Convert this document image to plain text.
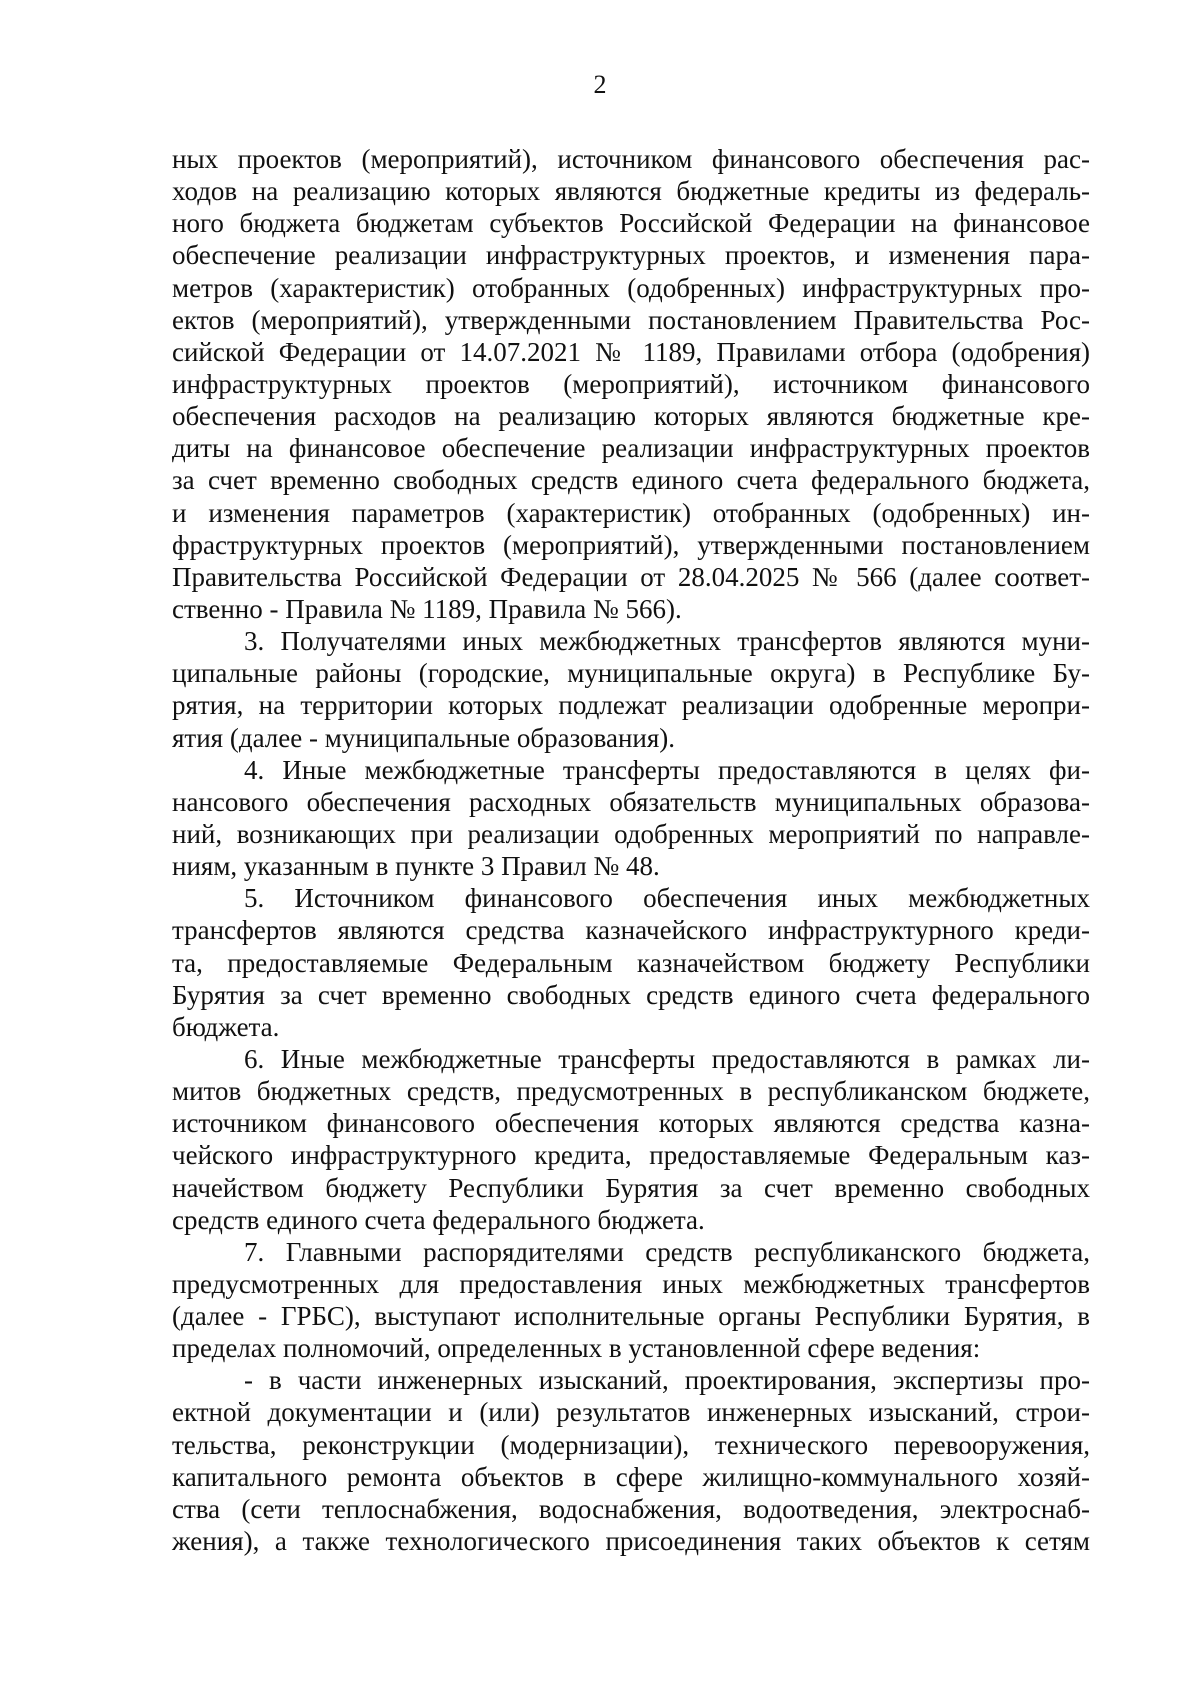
2
ных проектов (мероприятий), источником финансового обеспечения рас-
ходов на реализацию которых являются бюджетные кредиты из федераль-
ного бюджета бюджетам субъектов Российской Федерации на финансовое
обеспечение реализации инфраструктурных проектов, и изменения пара-
метров (характеристик) отобранных (одобренных) инфраструктурных про-
ектов (мероприятий), утвержденными постановлением Правительства Рос-
сийской Федерации от 14.07.2021 № 1189, Правилами отбора (одобрения)
инфраструктурных проектов (мероприятий), источником финансового
обеспечения расходов на реализацию которых являются бюджетные кре-
диты на финансовое обеспечение реализации инфраструктурных проектов
за счет временно свободных средств единого счета федерального бюджета,
и изменения параметров (характеристик) отобранных (одобренных) ин-
фраструктурных проектов (мероприятий), утвержденными постановлением
Правительства Российской Федерации от 28.04.2025 № 566 (далее соответ-
ственно - Правила № 1189, Правила № 566).
3. Получателями иных межбюджетных трансфертов являются муни-
ципальные районы (городские, муниципальные округа) в Республике Бу-
рятия, на территории которых подлежат реализации одобренные меропри-
ятия (далее - муниципальные образования).
4. Иные межбюджетные трансферты предоставляются в целях фи-
нансового обеспечения расходных обязательств муниципальных образова-
ний, возникающих при реализации одобренных мероприятий по направле-
ниям, указанным в пункте 3 Правил № 48.
5. Источником финансового обеспечения иных межбюджетных
трансфертов являются средства казначейского инфраструктурного креди-
та, предоставляемые Федеральным казначейством бюджету Республики
Бурятия за счет временно свободных средств единого счета федерального
бюджета.
6. Иные межбюджетные трансферты предоставляются в рамках ли-
митов бюджетных средств, предусмотренных в республиканском бюджете,
источником финансового обеспечения которых являются средства казна-
чейского инфраструктурного кредита, предоставляемые Федеральным каз-
начейством бюджету Республики Бурятия за счет временно свободных
средств единого счета федерального бюджета.
7. Главными распорядителями средств республиканского бюджета,
предусмотренных для предоставления иных межбюджетных трансфертов
(далее - ГРБС), выступают исполнительные органы Республики Бурятия, в
пределах полномочий, определенных в установленной сфере ведения:
- в части инженерных изысканий, проектирования, экспертизы про-
ектной документации и (или) результатов инженерных изысканий, строи-
тельства, реконструкции (модернизации), технического перевооружения,
капитального ремонта объектов в сфере жилищно-коммунального хозяй-
ства (сети теплоснабжения, водоснабжения, водоотведения, электроснаб-
жения), а также технологического присоединения таких объектов к сетям
